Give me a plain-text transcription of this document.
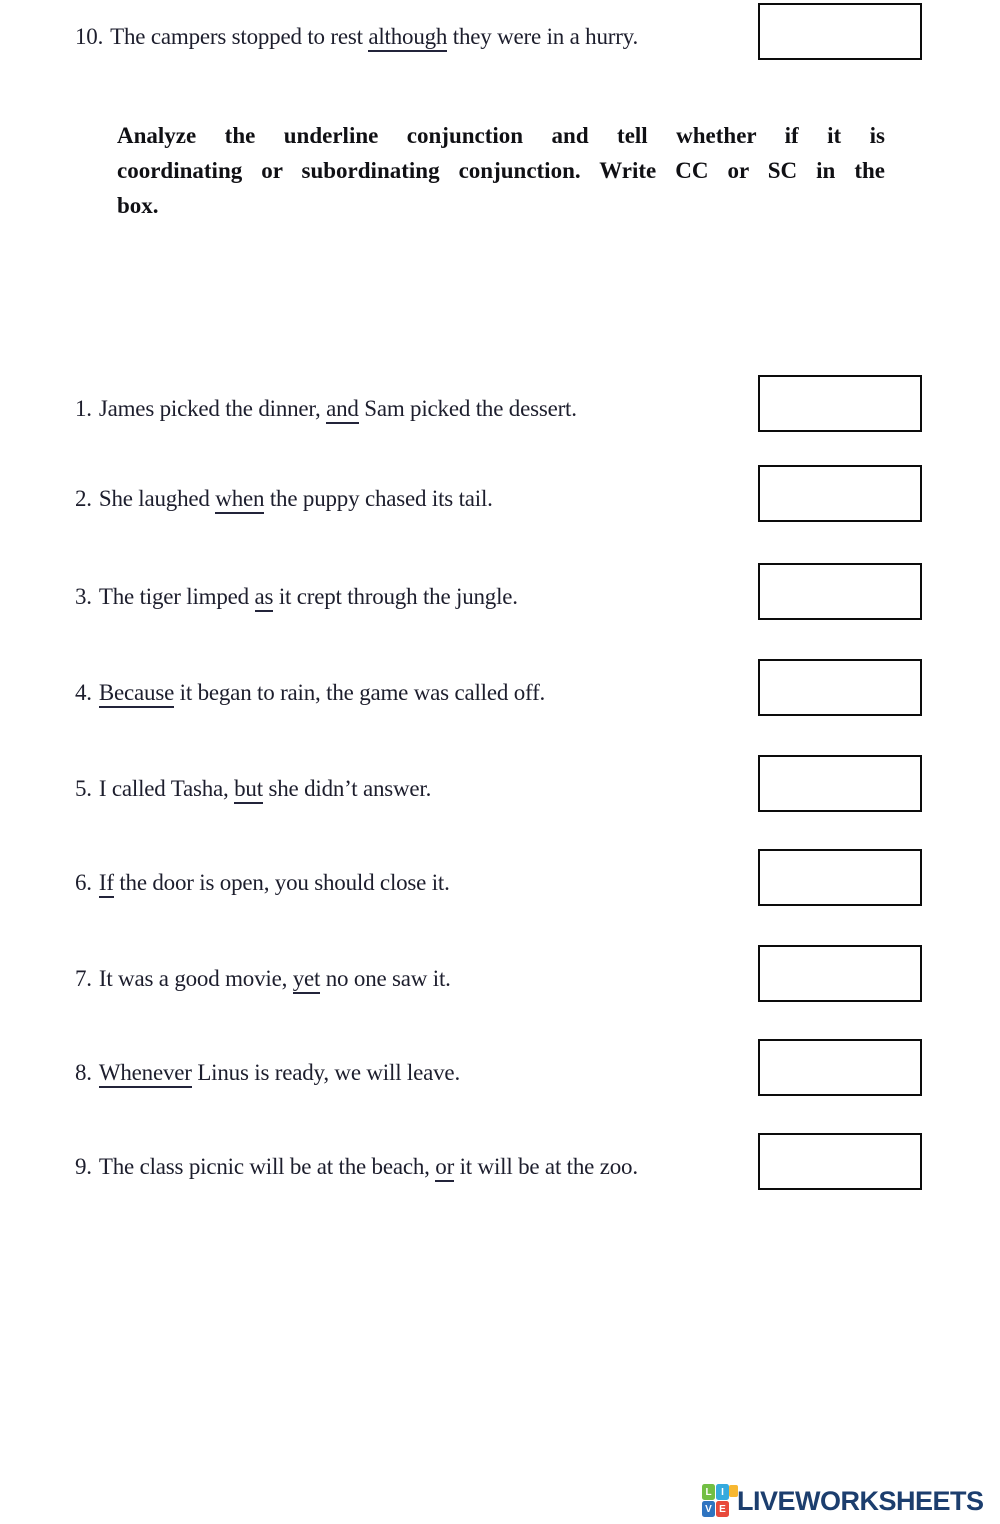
Analyze the underline conjunction and tell whether if it is
coordinating or subordinating conjunction. Write CC or SC in the
box.

1. James picked the dinner, and Sam picked the dessert.

2. She laughed when the puppy chased its tail.

3. The tiger limped as it crept through the jungle.

4. Because it began to rain, the game was called off.

5. I called Tasha, but she didn’t answer.

6. If the door is open, you should close it.

7. It was a good movie, yet no one saw it.

8. Whenever Linus is ready, we will leave.

9. The class picnic will be at the beach, or it will be at the zoo.

10. The campers stopped to rest although they were in a hurry.

L I
V E LIVEWORKSHEETS
